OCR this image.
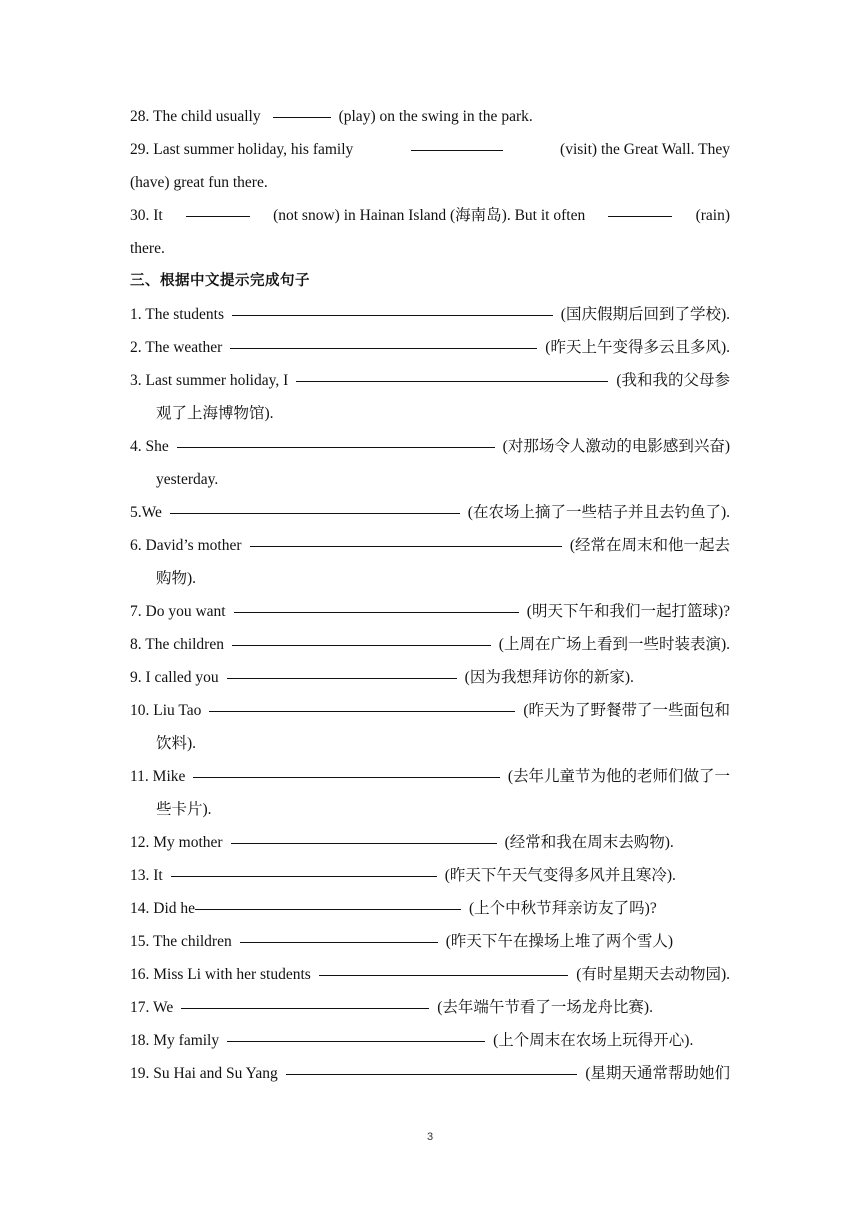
28. The child usually	(play) on the swing in the park.
29. Last summer holiday, his family	(visit) the Great Wall. They
(have) great fun there.
30. It	(not snow) in Hainan Island (海南岛). But it often	(rain)
there.
三、根据中文提示完成句子
1. The students	(国庆假期后回到了学校).
2. The weather	(昨天上午变得多云且多风).
3. Last summer holiday, I	(我和我的父母参
观了上海博物馆).
4. She	(对那场令人激动的电影感到兴奋)
yesterday.
5.We	(在农场上摘了一些桔子并且去钓鱼了).
6. David’s mother	(经常在周末和他一起去
购物).
7. Do you want	(明天下午和我们一起打篮球)?
8. The children	(上周在广场上看到一些时装表演).
9. I called you	(因为我想拜访你的新家).
10. Liu Tao	(昨天为了野餐带了一些面包和
饮料).
11. Mike	(去年儿童节为他的老师们做了一
些卡片).
12. My mother	(经常和我在周末去购物).
13. It	(昨天下午天气变得多风并且寒冷).
14. Did he	(上个中秋节拜亲访友了吗)?
15. The children	(昨天下午在操场上堆了两个雪人)
16. Miss Li with her students	(有时星期天去动物园).
17. We	(去年端午节看了一场龙舟比赛).
18. My family	(上个周末在农场上玩得开心).
19. Su Hai and Su Yang	(星期天通常帮助她们
3
